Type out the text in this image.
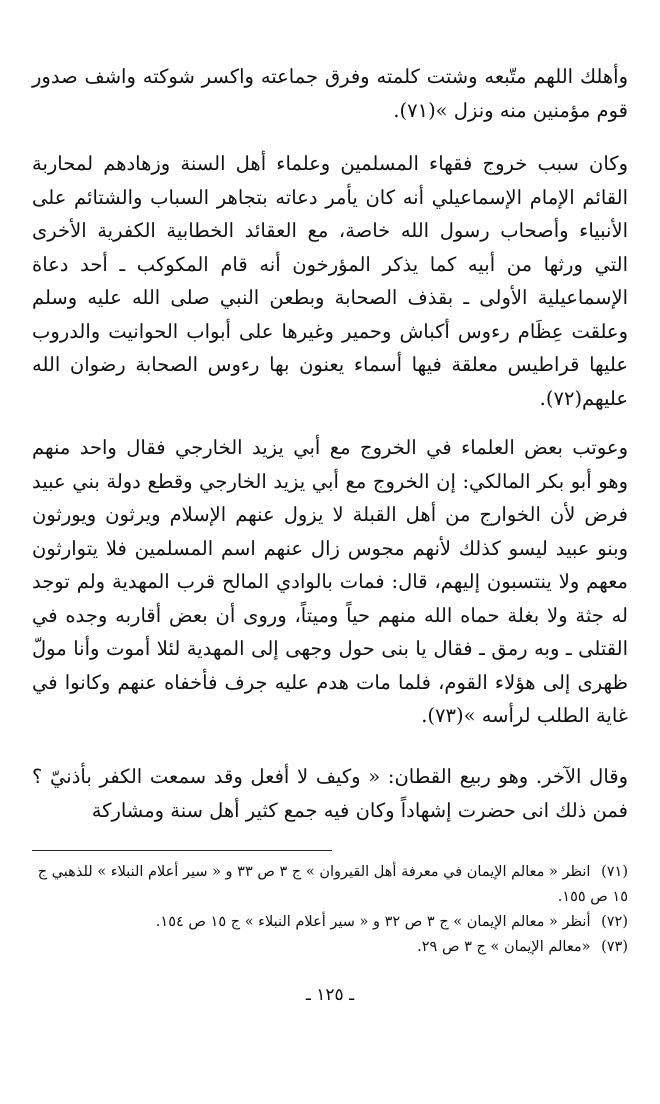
وأهلك اللهم متّبعه وشتت كلمته وفرق جماعته واكسر شوكته واشف صدور قوم مؤمنين منه ونزل »(٧١).

وكان سبب خروج فقهاء المسلمين وعلماء أهل السنة وزهادهم لمحاربة القائم الإمام الإسماعيلي أنه كان يأمر دعاته بتجاهر السباب والشتائم على الأنبياء وأصحاب رسول الله خاصة، مع العقائد الخطابية الكفرية الأخرى التي ورثها من أبيه كما يذكر المؤرخون أنه قام المكوكب ـ أحد دعاة الإسماعيلية الأولى ـ بقذف الصحابة وبطعن النبي صلى الله عليه وسلم وعلقت عِظَام رءوس أكباش وحمير وغيرها على أبواب الحوانيت والدروب عليها قراطيس معلقة فيها أسماء يعنون بها رءوس الصحابة رضوان الله عليهم(٧٢).

وعوتب بعض العلماء في الخروج مع أبي يزيد الخارجي فقال واحد منهم وهو أبو بكر المالكي: إن الخروج مع أبي يزيد الخارجي وقطع دولة بني عبيد فرض لأن الخوارج من أهل القبلة لا يزول عنهم الإسلام ويرثون ويورثون وبنو عبيد ليسو كذلك لأنهم مجوس زال عنهم اسم المسلمين فلا يتوارثون معهم ولا ينتسبون إليهم، قال: فمات بالوادي المالح قرب المهدية ولم توجد له جثة ولا بغلة حماه الله منهم حياً وميتاً، وروى أن بعض أقاربه وجده في القتلى ـ وبه رمق ـ فقال يا بنى حول وجهى إلى المهدية لئلا أموت وأنا مولّ ظهرى إلى هؤلاء القوم، فلما مات هدم عليه جرف فأخفاه عنهم وكانوا في غاية الطلب لرأسه »(٧٣).

وقال الآخر. وهو ربيع القطان: « وكيف لا أفعل وقد سمعت الكفر بأذنيّ ؟ فمن ذلك انى حضرت إشهاداً وكان فيه جمع كثير أهل سنة ومشاركة

(٧١) انظر « معالم الإيمان في معرفة أهل القيروان » ج ٣ ص ٣٣ و « سير أعلام النبلاء » للذهبي ج ١٥ ص ١٥٥.

(٧٢) أنظر « معالم الإيمان » ج ٣ ص ٣٢ و « سير أعلام النبلاء » ج ١٥ ص ١٥٤.

(٧٣) «معالم الإيمان » ج ٣ ص ٢٩.

ـ ١٢٥ ـ
